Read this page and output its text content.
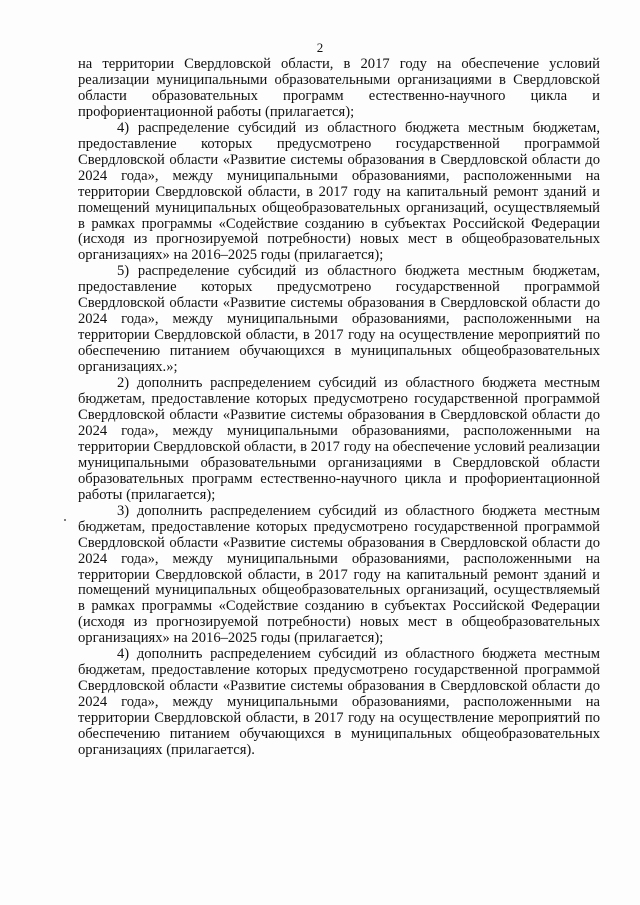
2

на территории Свердловской области, в 2017 году на обеспечение условий реализации муниципальными образовательными организациями в Свердловской области образовательных программ естественно-научного цикла и профориентационной работы (прилагается);

4) распределение субсидий из областного бюджета местным бюджетам, предоставление которых предусмотрено государственной программой Свердловской области «Развитие системы образования в Свердловской области до 2024 года», между муниципальными образованиями, расположенными на территории Свердловской области, в 2017 году на капитальный ремонт зданий и помещений муниципальных общеобразовательных организаций, осуществляемый в рамках программы «Содействие созданию в субъектах Российской Федерации (исходя из прогнозируемой потребности) новых мест в общеобразовательных организациях» на 2016–2025 годы (прилагается);

5) распределение субсидий из областного бюджета местным бюджетам, предоставление которых предусмотрено государственной программой Свердловской области «Развитие системы образования в Свердловской области до 2024 года», между муниципальными образованиями, расположенными на территории Свердловской области, в 2017 году на осуществление мероприятий по обеспечению питанием обучающихся в муниципальных общеобразовательных организациях.»;

2) дополнить распределением субсидий из областного бюджета местным бюджетам, предоставление которых предусмотрено государственной программой Свердловской области «Развитие системы образования в Свердловской области до 2024 года», между муниципальными образованиями, расположенными на территории Свердловской области, в 2017 году на обеспечение условий реализации муниципальными образовательными организациями в Свердловской области образовательных программ естественно-научного цикла и профориентационной работы (прилагается);

3) дополнить распределением субсидий из областного бюджета местным бюджетам, предоставление которых предусмотрено государственной программой Свердловской области «Развитие системы образования в Свердловской области до 2024 года», между муниципальными образованиями, расположенными на территории Свердловской области, в 2017 году на капитальный ремонт зданий и помещений муниципальных общеобразовательных организаций, осуществляемый в рамках программы «Содействие созданию в субъектах Российской Федерации (исходя из прогнозируемой потребности) новых мест в общеобразовательных организациях» на 2016–2025 годы (прилагается);

4) дополнить распределением субсидий из областного бюджета местным бюджетам, предоставление которых предусмотрено государственной программой Свердловской области «Развитие системы образования в Свердловской области до 2024 года», между муниципальными образованиями, расположенными на территории Свердловской области, в 2017 году на осуществление мероприятий по обеспечению питанием обучающихся в муниципальных общеобразовательных организациях (прилагается).
